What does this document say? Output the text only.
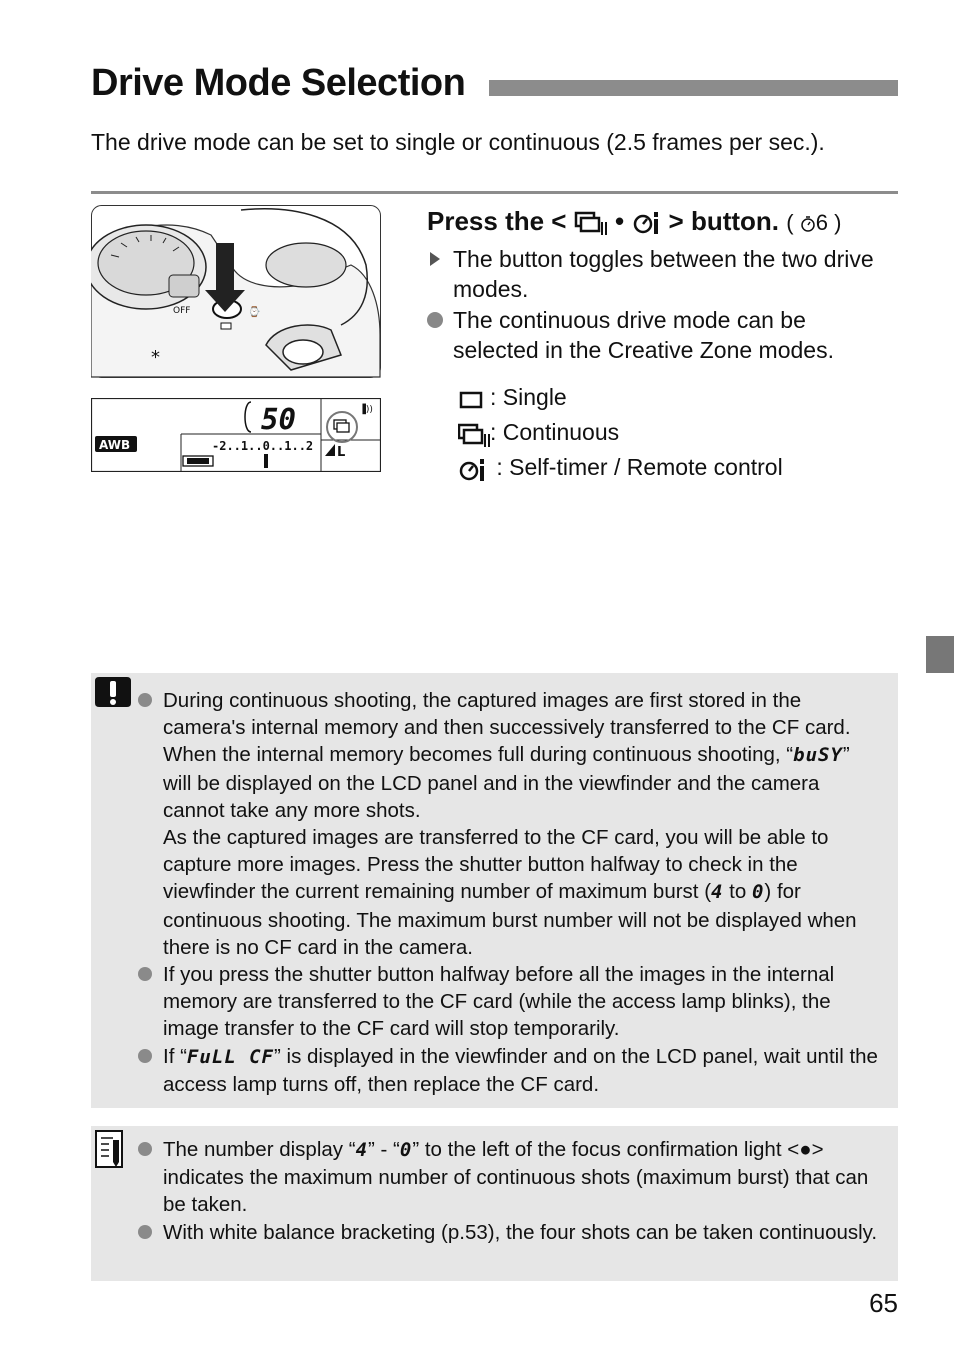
Drive Mode Selection

The drive mode can be set to single or continuous (2.5 frames per sec.).

⌚
OFF
*
50	▐))
AWB	-2..1..0..1..2 L
Press the < • > button. ( 6 )
The button toggles between the two drive modes.
The continuous drive mode can be selected in the Creative Zone modes.
: Single
: Continuous
: Self-timer / Remote control
During continuous shooting, the captured images are first stored in the camera's internal memory and then successively transferred to the CF card. When the internal memory becomes full during continuous shooting, “buSY” will be displayed on the LCD panel and in the viewfinder and the camera cannot take any more shots.
As the captured images are transferred to the CF card, you will be able to capture more images. Press the shutter button halfway to check in the viewfinder the current remaining number of maximum burst (4 to 0) for continuous shooting. The maximum burst number will not be displayed when there is no CF card in the camera.
If you press the shutter button halfway before all the images in the internal memory are transferred to the CF card (while the access lamp blinks), the image transfer to the CF card will stop temporarily.
If “FuLL CF” is displayed in the viewfinder and on the LCD panel, wait until the access lamp turns off, then replace the CF card.
The number display “4” - “0” to the left of the focus confirmation light <●> indicates the maximum number of continuous shots (maximum burst) that can be taken.
With white balance bracketing (p.53), the four shots can be taken continuously.
65
